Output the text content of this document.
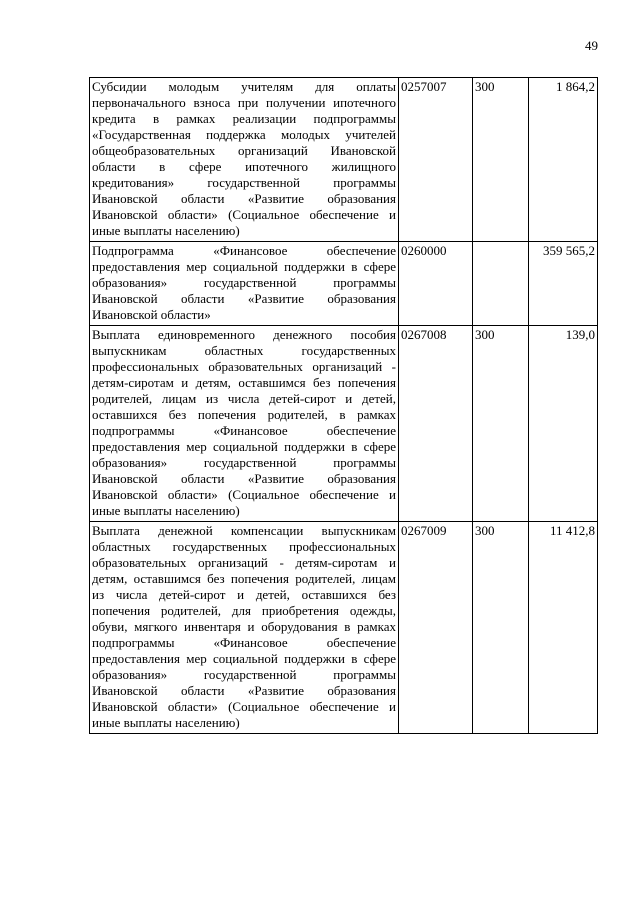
49
Субсидии молодым учителям для оплаты первоначального взноса при получении ипотечного кредита в рамках реализации подпрограммы «Государственная поддержка молодых учителей общеобразовательных организаций Ивановской области в сфере ипотечного жилищного кредитования» государственной программы Ивановской области «Развитие образования Ивановской области» (Социальное обеспечение и иные выплаты населению)	0257007	300	1 864,2
Подпрограмма «Финансовое обеспечение предоставления мер социальной поддержки в сфере образования» государственной программы Ивановской области «Развитие образования Ивановской области»	0260000		359 565,2
Выплата единовременного денежного пособия выпускникам областных государственных профессиональных образовательных организаций - детям-сиротам и детям, оставшимся без попечения родителей, лицам из числа детей-сирот и детей, оставшихся без попечения родителей, в рамках подпрограммы «Финансовое обеспечение предоставления мер социальной поддержки в сфере образования» государственной программы Ивановской области «Развитие образования Ивановской области» (Социальное обеспечение и иные выплаты населению)	0267008	300	139,0
Выплата денежной компенсации выпускникам областных государственных профессиональных образовательных организаций - детям-сиротам и детям, оставшимся без попечения родителей, лицам из числа детей-сирот и детей, оставшихся без попечения родителей, для приобретения одежды, обуви, мягкого инвентаря и оборудования в рамках подпрограммы «Финансовое обеспечение предоставления мер социальной поддержки в сфере образования» государственной программы Ивановской области «Развитие образования Ивановской области» (Социальное обеспечение и иные выплаты населению)	0267009	300	11 412,8
